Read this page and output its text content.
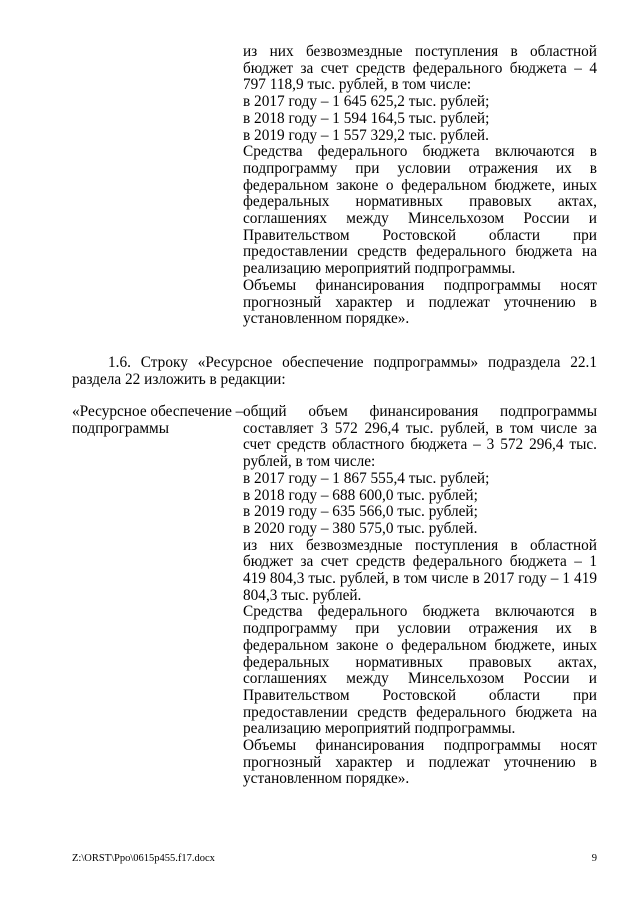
из них безвозмездные поступления в областной бюджет за счет средств федерального бюджета – 4 797 118,9 тыс. рублей, в том числе:

в 2017 году – 1 645 625,2 тыс. рублей;

в 2018 году – 1 594 164,5 тыс. рублей;

в 2019 году – 1 557 329,2 тыс. рублей.

Средства федерального бюджета включаются в подпрограмму при условии отражения их в федеральном законе о федеральном бюджете, иных федеральных нормативных правовых актах, соглашениях между Минсельхозом России и Правительством Ростовской области при предоставлении средств федерального бюджета на реализацию мероприятий подпрограммы.

Объемы финансирования подпрограммы носят прогнозный характер и подлежат уточнению в установленном порядке».

1.6. Строку «Ресурсное обеспечение подпрограммы» подраздела 22.1 раздела 22 изложить в редакции:

«Ресурсное обеспечение – подпрограммы

общий объем финансирования подпрограммы составляет 3 572 296,4 тыс. рублей, в том числе за счет средств областного бюджета – 3 572 296,4 тыс. рублей, в том числе:

в 2017 году – 1 867 555,4 тыс. рублей;

в 2018 году – 688 600,0 тыс. рублей;

в 2019 году – 635 566,0 тыс. рублей;

в 2020 году – 380 575,0 тыс. рублей.

из них безвозмездные поступления в областной бюджет за счет средств федерального бюджета – 1 419 804,3 тыс. рублей, в том числе в 2017 году – 1 419 804,3 тыс. рублей.

Средства федерального бюджета включаются в подпрограмму при условии отражения их в федеральном законе о федеральном бюджете, иных федеральных нормативных правовых актах, соглашениях между Минсельхозом России и Правительством Ростовской области при предоставлении средств федерального бюджета на реализацию мероприятий подпрограммы.

Объемы финансирования подпрограммы носят прогнозный характер и подлежат уточнению в установленном порядке».

Z:\ORST\Ppo\0615p455.f17.docx	9
